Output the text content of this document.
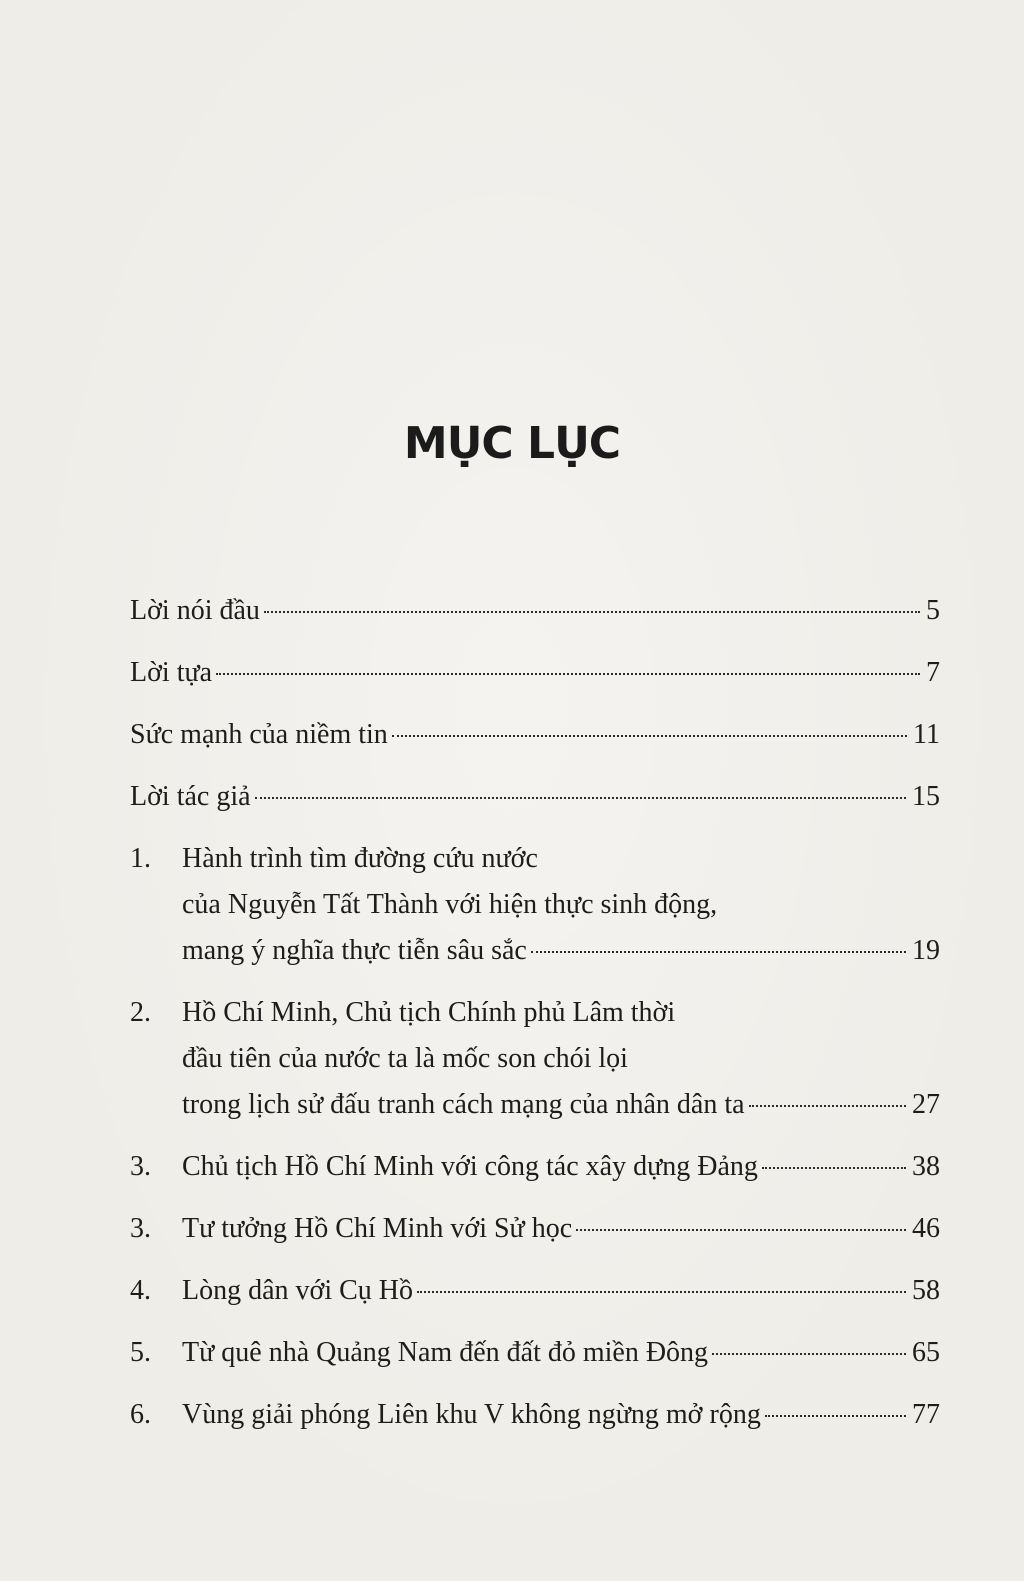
MỤC LỤC
Lời nói đầu	5
Lời tựa	7
Sức mạnh của niềm tin	11
Lời tác giả	15
1.	Hành trình tìm đường cứu nước
của Nguyễn Tất Thành với hiện thực sinh động,
mang ý nghĩa thực tiễn sâu sắc	19
2.	Hồ Chí Minh, Chủ tịch Chính phủ Lâm thời
đầu tiên của nước ta là mốc son chói lọi
trong lịch sử đấu tranh cách mạng của nhân dân ta	27
3.	Chủ tịch Hồ Chí Minh với công tác xây dựng Đảng	38
3.	Tư tưởng Hồ Chí Minh với Sử học	46
4.	Lòng dân với Cụ Hồ	58
5.	Từ quê nhà Quảng Nam đến đất đỏ miền Đông	65
6.	Vùng giải phóng Liên khu V không ngừng mở rộng	77
